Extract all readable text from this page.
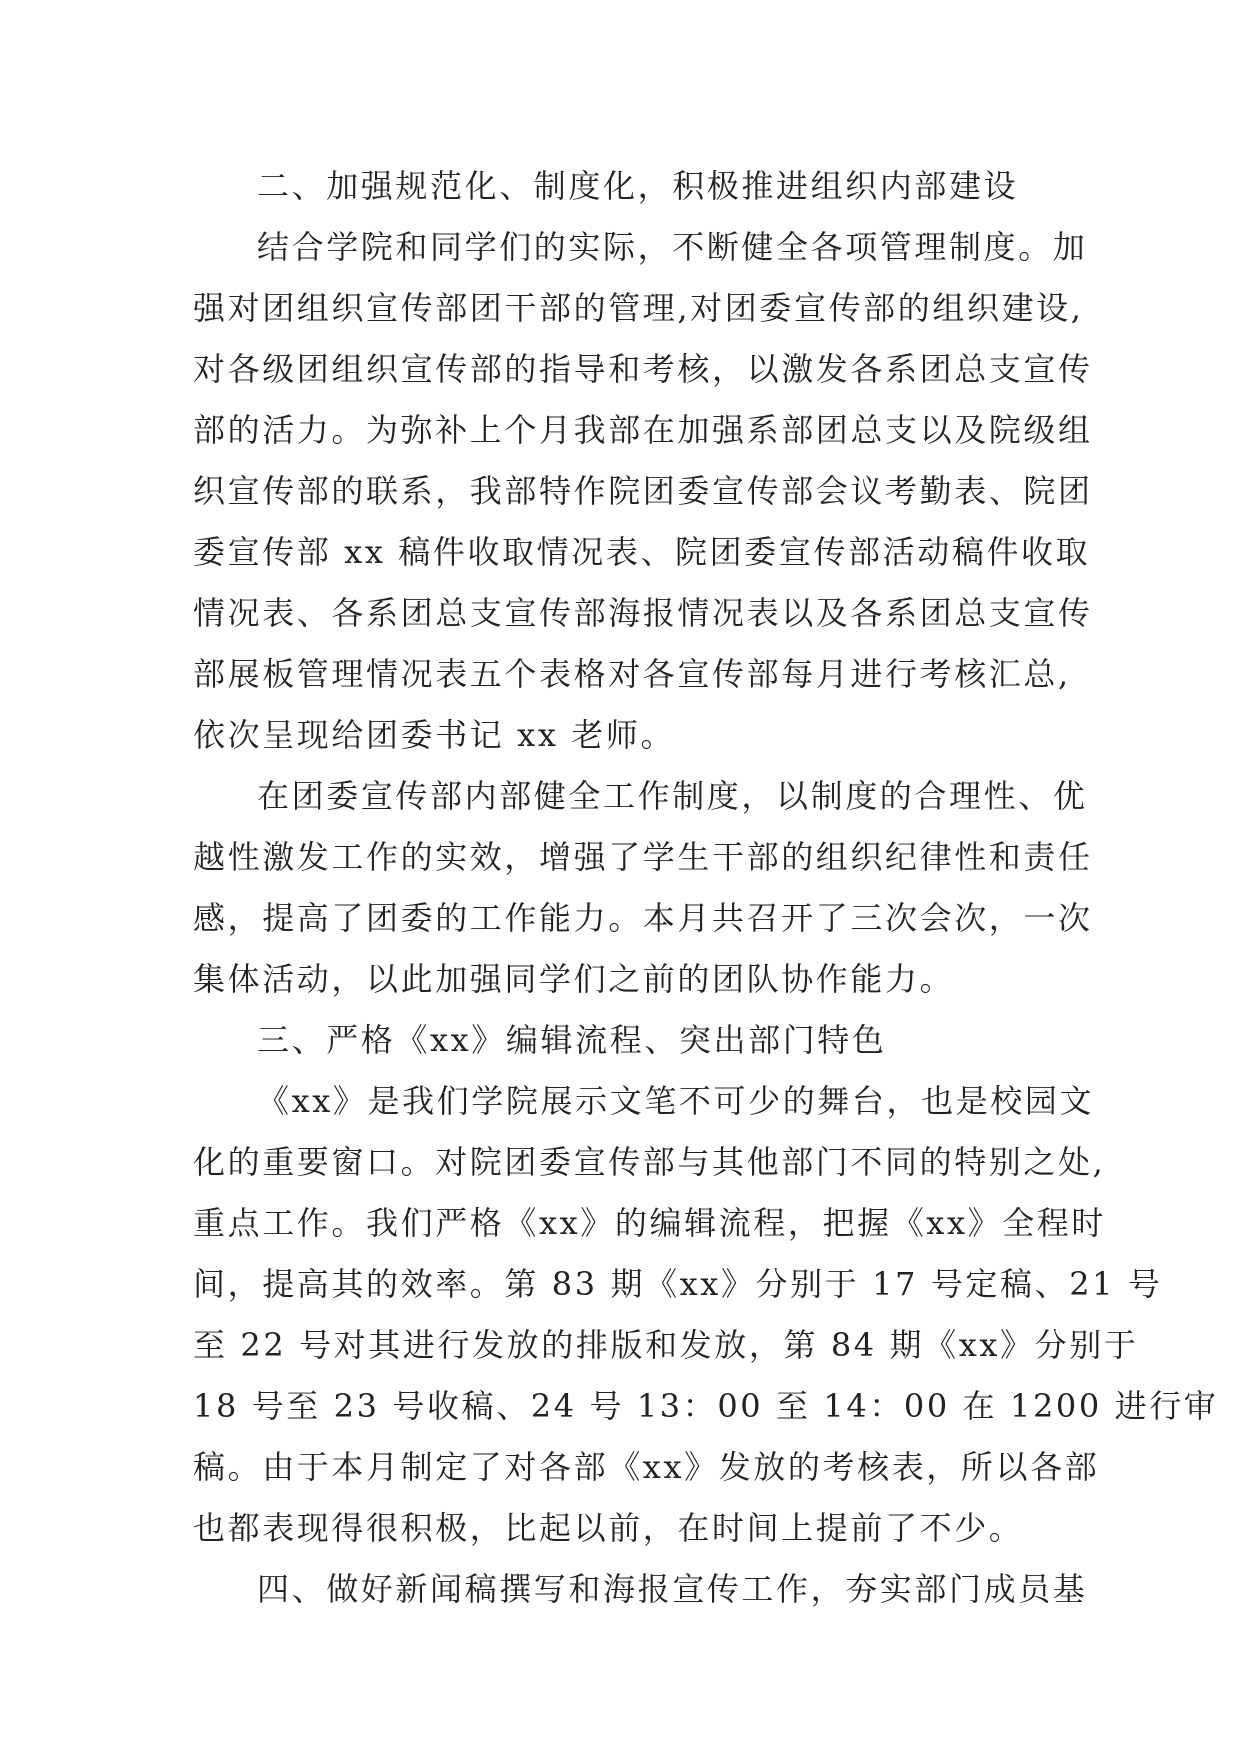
二、加强规范化、制度化，积极推进组织内部建设
结合学院和同学们的实际，不断健全各项管理制度。加
强对团组织宣传部团干部的管理,对团委宣传部的组织建设,
对各级团组织宣传部的指导和考核，以激发各系团总支宣传
部的活力。为弥补上个月我部在加强系部团总支以及院级组
织宣传部的联系，我部特作院团委宣传部会议考勤表、院团
委宣传部 xx 稿件收取情况表、院团委宣传部活动稿件收取
情况表、各系团总支宣传部海报情况表以及各系团总支宣传
部展板管理情况表五个表格对各宣传部每月进行考核汇总,
依次呈现给团委书记 xx 老师。
在团委宣传部内部健全工作制度，以制度的合理性、优
越性激发工作的实效，增强了学生干部的组织纪律性和责任
感，提高了团委的工作能力。本月共召开了三次会次，一次
集体活动，以此加强同学们之前的团队协作能力。
三、严格《xx》编辑流程、突出部门特色
《xx》是我们学院展示文笔不可少的舞台，也是校园文
化的重要窗口。对院团委宣传部与其他部门不同的特别之处,
重点工作。我们严格《xx》的编辑流程，把握《xx》全程时
间，提高其的效率。第 83 期《xx》分别于 17 号定稿、21 号
至 22 号对其进行发放的排版和发放，第 84 期《xx》分别于
18 号至 23 号收稿、24 号 13：00 至 14：00 在 1200 进行审
稿。由于本月制定了对各部《xx》发放的考核表，所以各部
也都表现得很积极，比起以前，在时间上提前了不少。
四、做好新闻稿撰写和海报宣传工作，夯实部门成员基
